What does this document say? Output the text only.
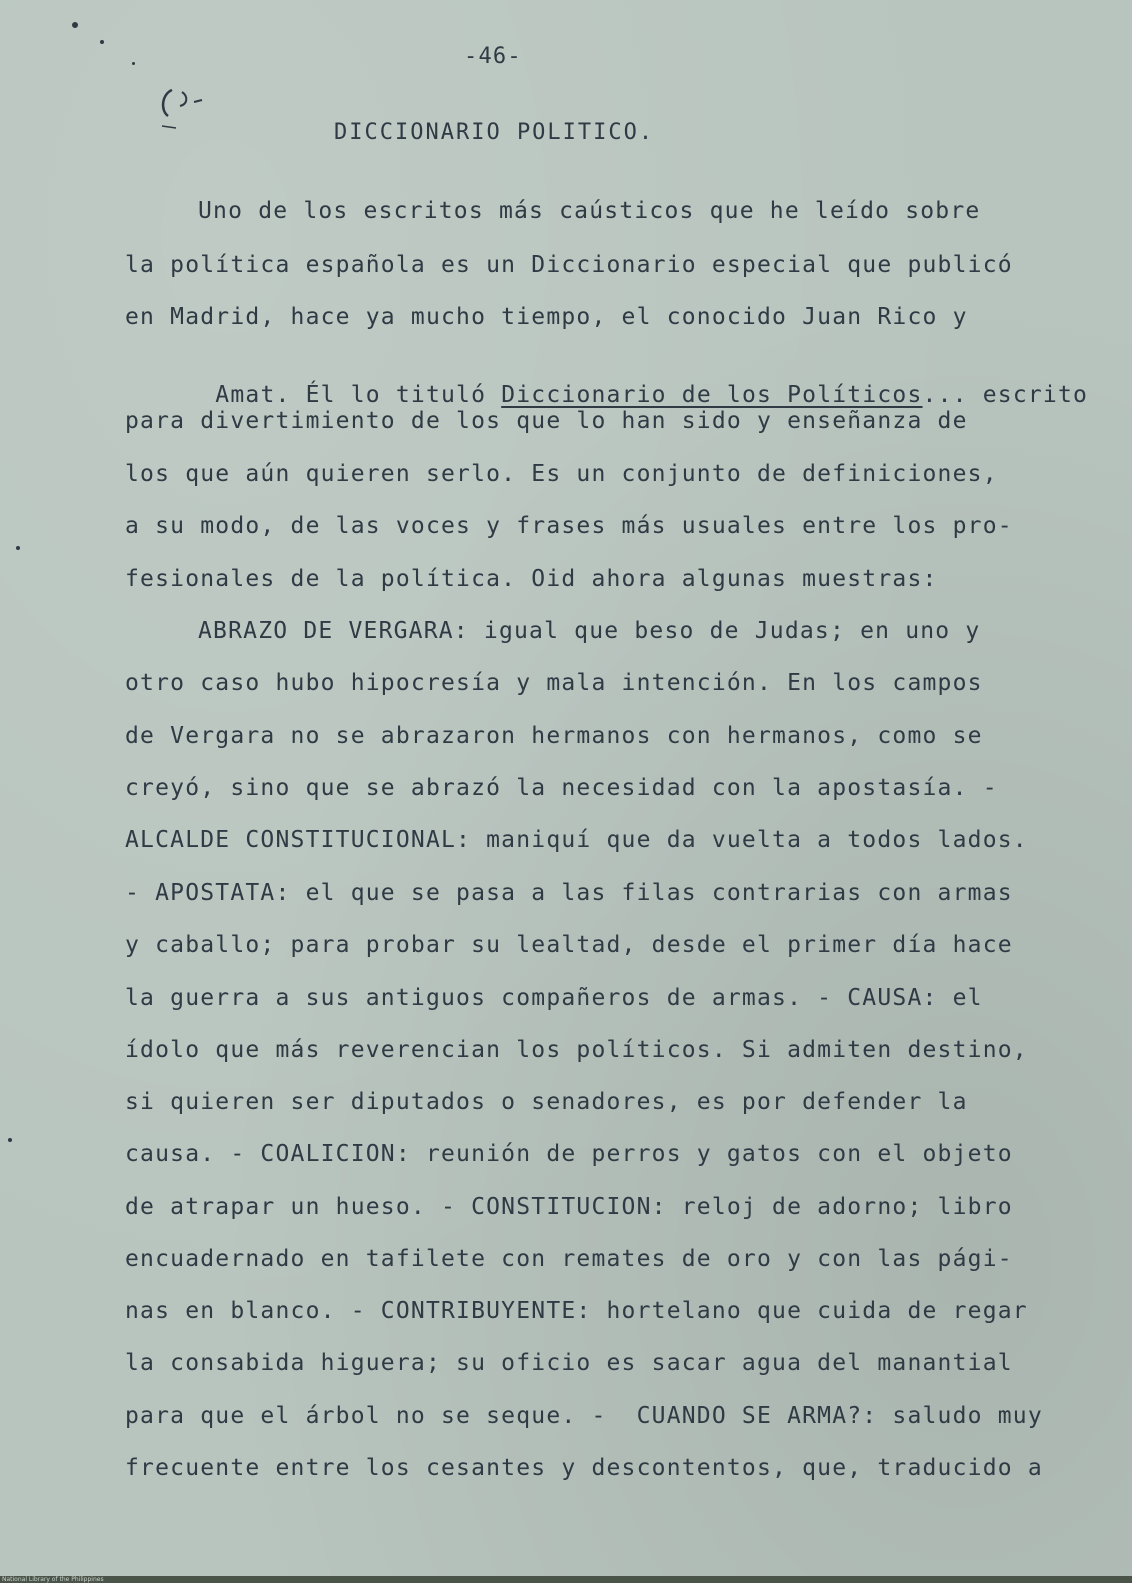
-46-
DICCIONARIO POLITICO.
Uno de los escritos más caústicos que he leído sobre
la política española es un Diccionario especial que publicó
en Madrid, hace ya mucho tiempo, el conocido Juan Rico y

Amat. Él lo tituló Diccionario de los Políticos... escrito

para divertimiento de los que lo han sido y enseñanza de
los que aún quieren serlo. Es un conjunto de definiciones,
a su modo, de las voces y frases más usuales entre los pro-
fesionales de la política. Oid ahora algunas muestras:
ABRAZO DE VERGARA: igual que beso de Judas; en uno y
otro caso hubo hipocresía y mala intención. En los campos
de Vergara no se abrazaron hermanos con hermanos, como se
creyó, sino que se abrazó la necesidad con la apostasía. -
ALCALDE CONSTITUCIONAL: maniquí que da vuelta a todos lados.
- APOSTATA: el que se pasa a las filas contrarias con armas
y caballo; para probar su lealtad, desde el primer día hace
la guerra a sus antiguos compañeros de armas. - CAUSA: el
ídolo que más reverencian los políticos. Si admiten destino,
si quieren ser diputados o senadores, es por defender la
causa. - COALICION: reunión de perros y gatos con el objeto
de atrapar un hueso. - CONSTITUCION: reloj de adorno; libro
encuadernado en tafilete con remates de oro y con las pági-
nas en blanco. - CONTRIBUYENTE: hortelano que cuida de regar
la consabida higuera; su oficio es sacar agua del manantial
para que el árbol no se seque. -  CUANDO SE ARMA?: saludo muy
frecuente entre los cesantes y descontentos, que, traducido a
National Library of the Philippines
